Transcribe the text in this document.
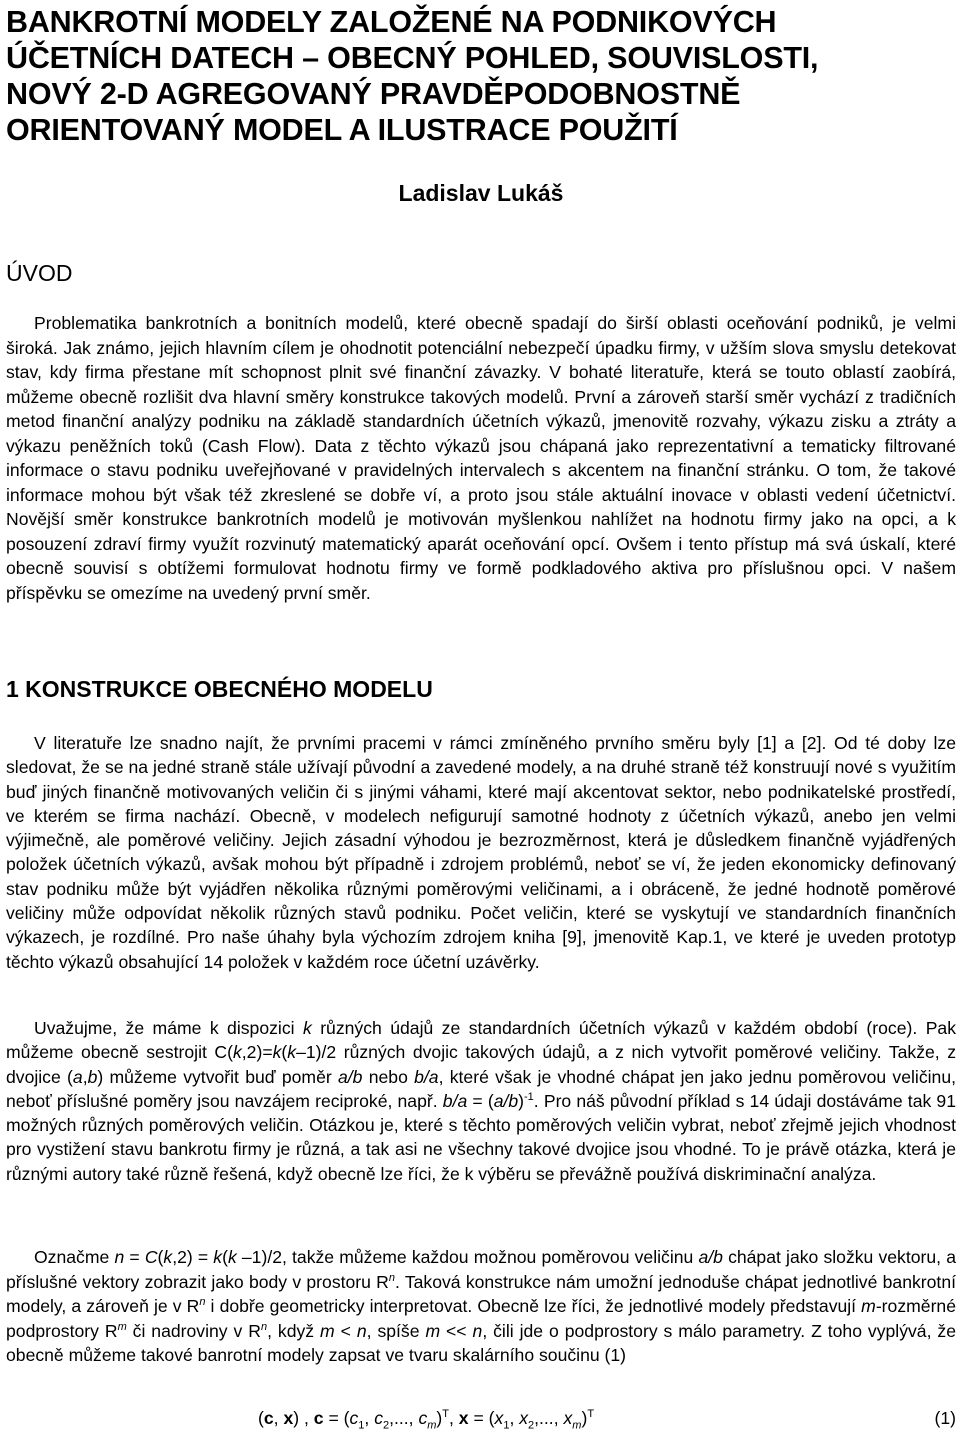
BANKROTNÍ MODELY ZALOŽENÉ NA PODNIKOVÝCH
ÚČETNÍCH DATECH – OBECNÝ POHLED, SOUVISLOSTI,
NOVÝ 2-D AGREGOVANÝ PRAVDĚPODOBNOSTNĚ
ORIENTOVANÝ MODEL A ILUSTRACE POUŽITÍ

Ladislav Lukáš

ÚVOD

Problematika bankrotních a bonitních modelů, které obecně spadají do širší oblasti oceňování podniků, je velmi široká. Jak známo, jejich hlavním cílem je ohodnotit potenciální nebezpečí úpadku firmy, v užším slova smyslu detekovat stav, kdy firma přestane mít schopnost plnit své finanční závazky. V bohaté literatuře, která se touto oblastí zaobírá, můžeme obecně rozlišit dva hlavní směry konstrukce takových modelů. První a zároveň starší směr vychází z tradičních metod finanční analýzy podniku na základě standardních účetních výkazů, jmenovitě rozvahy, výkazu zisku a ztráty a výkazu peněžních toků (Cash Flow). Data z těchto výkazů jsou chápaná jako reprezentativní a tematicky filtrované informace o stavu podniku uveřejňované v pravidelných intervalech s akcentem na finanční stránku. O tom, že takové informace mohou být však též zkreslené se dobře ví, a proto jsou stále aktuální inovace v oblasti vedení účetnictví. Novější směr konstrukce bankrotních modelů je motivován myšlenkou nahlížet na hodnotu firmy jako na opci, a k posouzení zdraví firmy využít rozvinutý matematický aparát oceňování opcí. Ovšem i tento přístup má svá úskalí, které obecně souvisí s obtížemi formulovat hodnotu firmy ve formě podkladového aktiva pro příslušnou opci. V našem příspěvku se omezíme na uvedený první směr.

1 KONSTRUKCE OBECNÉHO MODELU

V literatuře lze snadno najít, že prvními pracemi v rámci zmíněného prvního směru byly [1] a [2]. Od té doby lze sledovat, že se na jedné straně stále užívají původní a zavedené modely, a na druhé straně též konstruují nové s využitím buď jiných finančně motivovaných veličin či s jinými váhami, které mají akcentovat sektor, nebo podnikatelské prostředí, ve kterém se firma nachází. Obecně, v modelech nefigurují samotné hodnoty z účetních výkazů, anebo jen velmi výjimečně, ale poměrové veličiny. Jejich zásadní výhodou je bezrozměrnost, která je důsledkem finančně vyjádřených položek účetních výkazů, avšak mohou být případně i zdrojem problémů, neboť se ví, že jeden ekonomicky definovaný stav podniku může být vyjádřen několika různými poměrovými veličinami, a i obráceně, že jedné hodnotě poměrové veličiny může odpovídat několik různých stavů podniku. Počet veličin, které se vyskytují ve standardních finančních výkazech, je rozdílné. Pro naše úhahy byla výchozím zdrojem kniha [9], jmenovitě Kap.1, ve které je uveden prototyp těchto výkazů obsahující 14 položek v každém roce účetní uzávěrky.

Uvažujme, že máme k dispozici k různých údajů ze standardních účetních výkazů v každém období (roce). Pak můžeme obecně sestrojit C(k,2)=k(k–1)/2 různých dvojic takových údajů, a z nich vytvořit poměrové veličiny. Takže, z dvojice (a,b) můžeme vytvořit buď poměr a/b nebo b/a, které však je vhodné chápat jen jako jednu poměrovou veličinu, neboť příslušné poměry jsou navzájem reciproké, např. $b/a = (a/b)^{-1}$. Pro náš původní příklad s 14 údaji dostáváme tak 91 možných různých poměrových veličin. Otázkou je, které s těchto poměrových veličin vybrat, neboť zřejmě jejich vhodnost pro vystižení stavu bankrotu firmy je různá, a tak asi ne všechny takové dvojice jsou vhodné. To je právě otázka, která je různými autory také různě řešená, když obecně lze říci, že k výběru se převážně používá diskriminační analýza.

Označme n = C(k,2) = k(k –1)/2, takže můžeme každou možnou poměrovou veličinu a/b chápat jako složku vektoru, a příslušné vektory zobrazit jako body v prostoru $R^n$. Taková konstrukce nám umožní jednoduše chápat jednotlivé bankrotní modely, a zároveň je v $R^n$ i dobře geometricky interpretovat. Obecně lze říci, že jednotlivé modely představují m-rozměrné podprostory $R^m$ či nadroviny v $R^n$, když m < n, spíše m << n, čili jde o podprostory s málo parametry. Z toho vyplývá, že obecně můžeme takové banrotní modely zapsat ve tvaru skalárního součinu (1)

(c, x) , $c = (c_1$, $c_2$,..., $c_m)^T$, $x = (x_1$, $x_2$,..., $x_m)^T$	(1)
